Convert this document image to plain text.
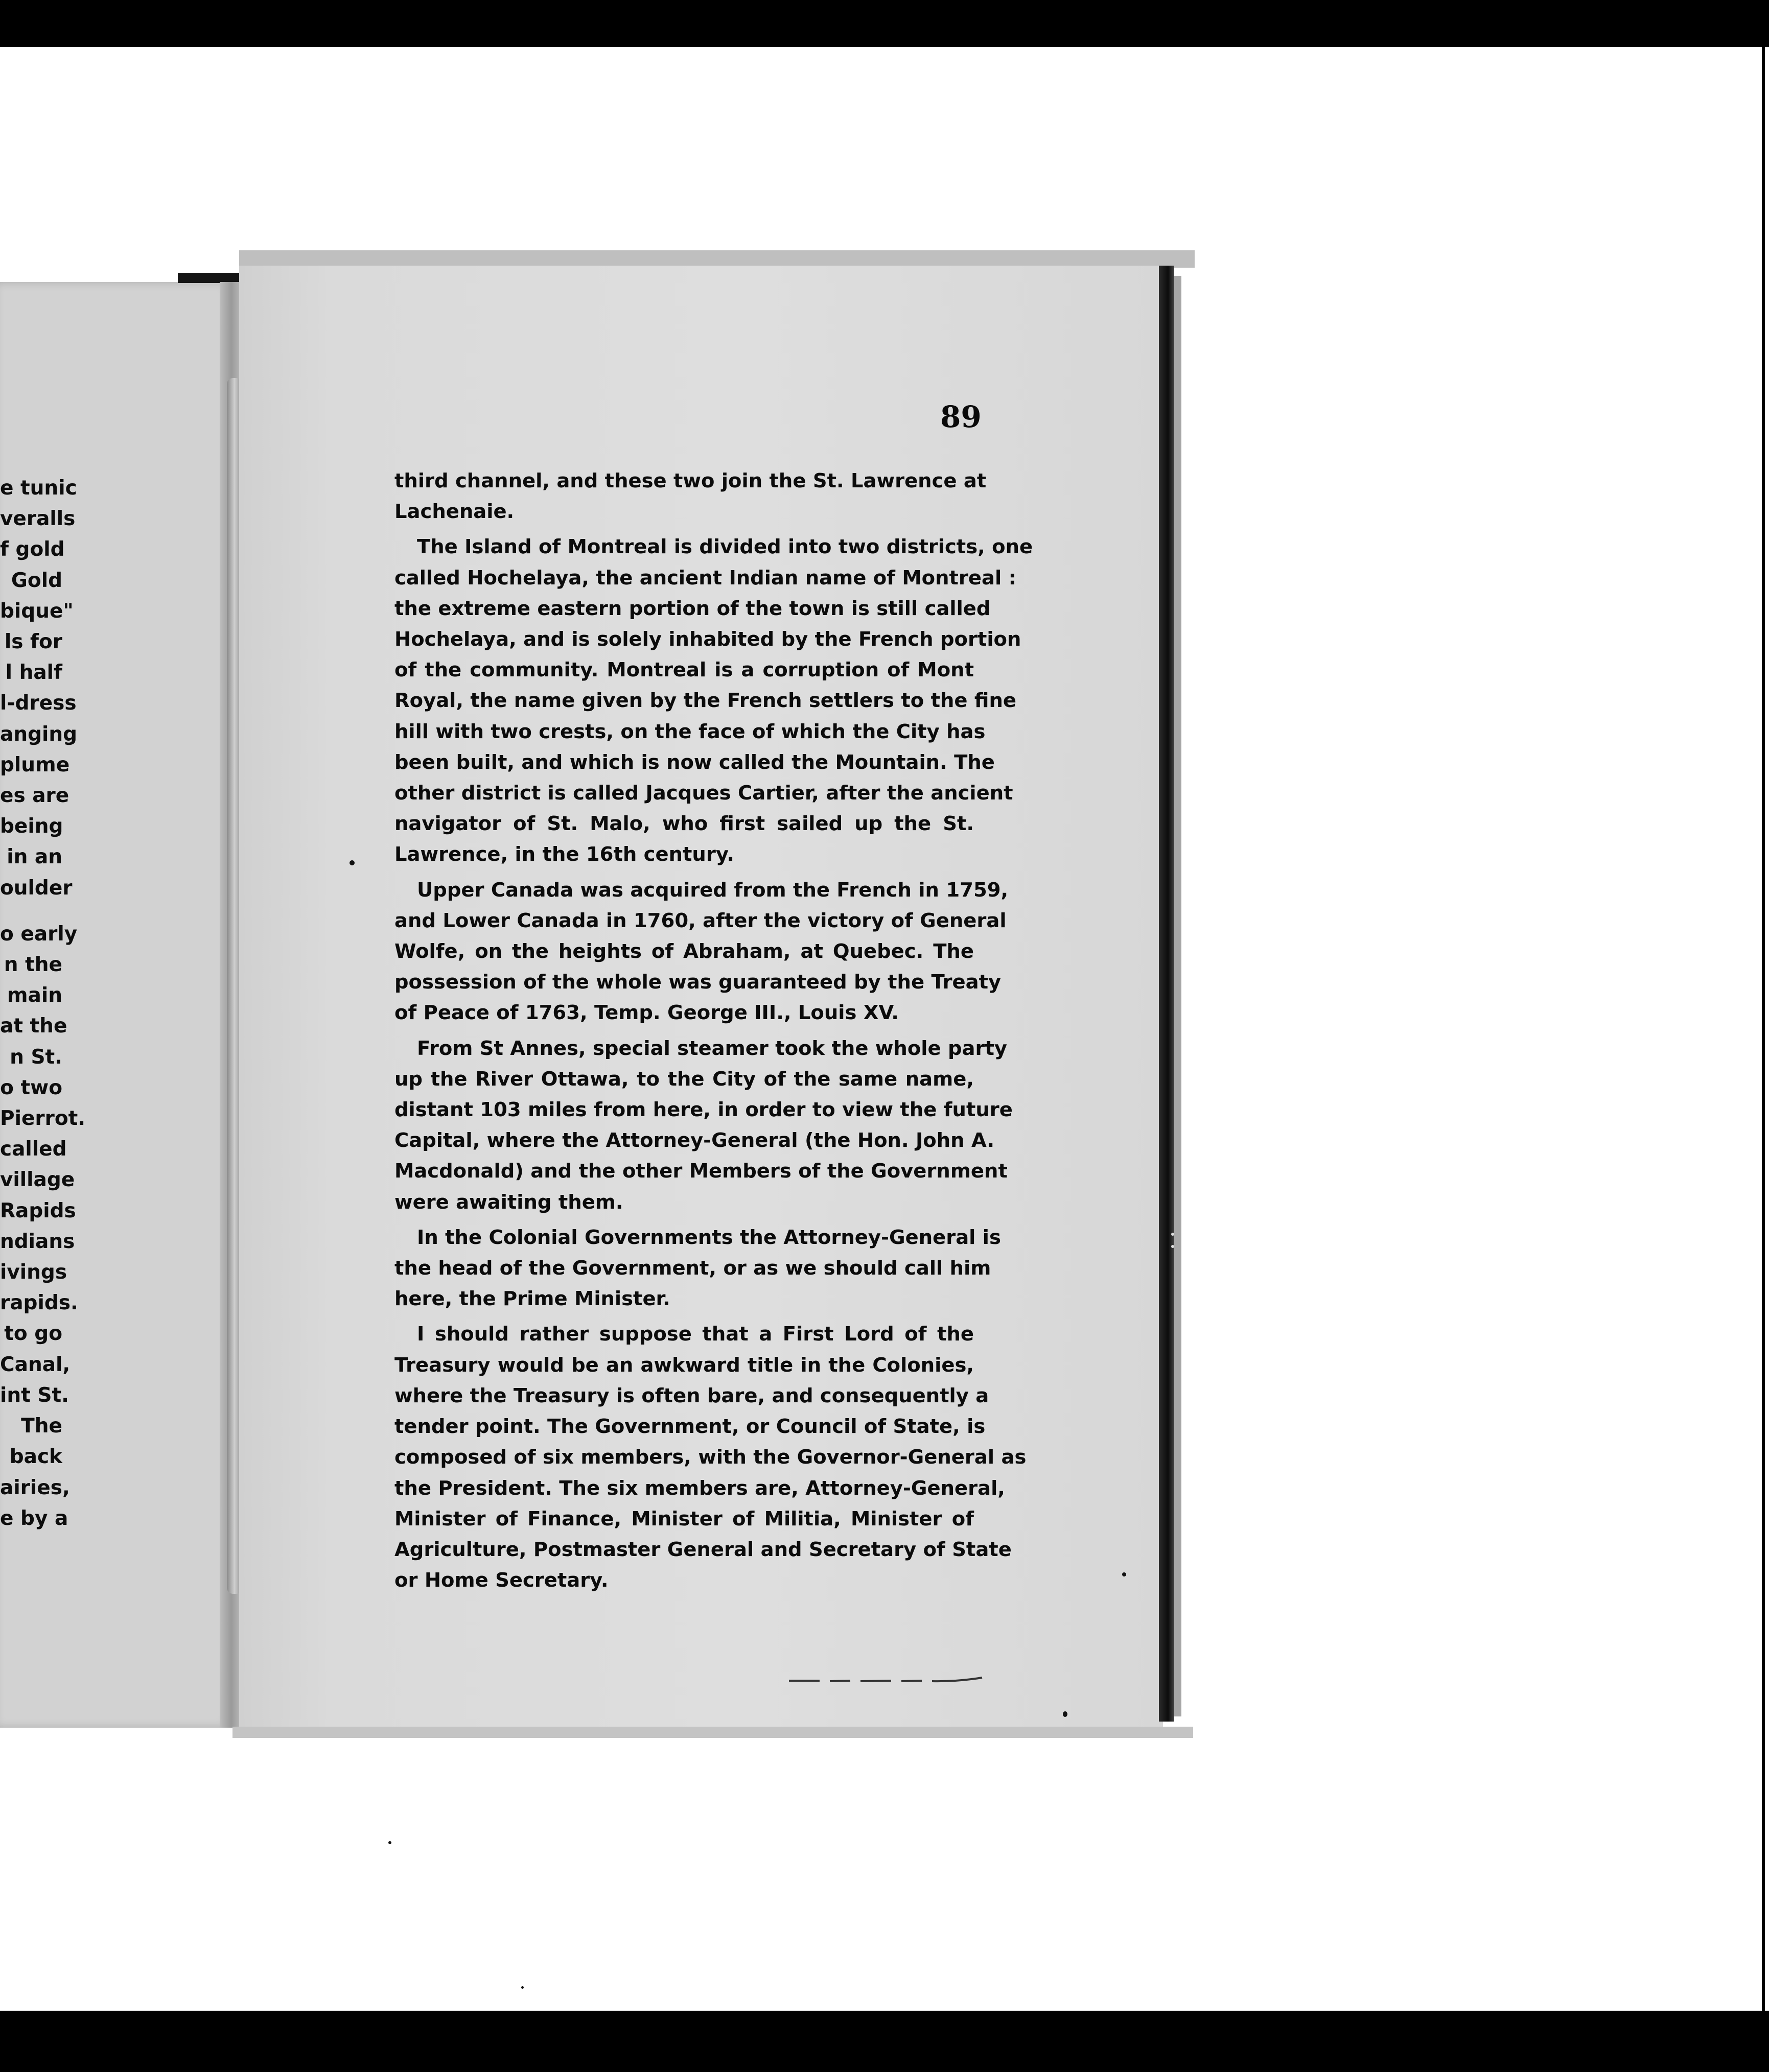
e tunic
veralls
f gold
Gold
bique"
ls for
l half
l-dress
anging
plume
es are
being
in an
oulder
o early
n the
main
at the
n St.
o two
Pierrot.
called
village
Rapids
ndians
ivings
rapids.
to go
Canal,
int St.
The
back
airies,
e by a
89
third channel, and these two join the St. Lawrence at
Lachenaie.
The Island of Montreal is divided into two districts, one
called Hochelaya, the ancient Indian name of Montreal :
the extreme eastern portion of the town is still called
Hochelaya, and is solely inhabited by the French portion
of the community. Montreal is a corruption of Mont
Royal, the name given by the French settlers to the fine
hill with two crests, on the face of which the City has
been built, and which is now called the Mountain. The
other district is called Jacques Cartier, after the ancient
navigator of St. Malo, who first sailed up the St.
Lawrence, in the 16th century.
Upper Canada was acquired from the French in 1759,
and Lower Canada in 1760, after the victory of General
Wolfe, on the heights of Abraham, at Quebec. The
possession of the whole was guaranteed by the Treaty
of Peace of 1763, Temp. George III., Louis XV.
From St Annes, special steamer took the whole party
up the River Ottawa, to the City of the same name,
distant 103 miles from here, in order to view the future
Capital, where the Attorney-General (the Hon. John A.
Macdonald) and the other Members of the Government
were awaiting them.
In the Colonial Governments the Attorney-General is
the head of the Government, or as we should call him
here, the Prime Minister.
I should rather suppose that a First Lord of the
Treasury would be an awkward title in the Colonies,
where the Treasury is often bare, and consequently a
tender point. The Government, or Council of State, is
composed of six members, with the Governor-General as
the President. The six members are, Attorney-General,
Minister of Finance, Minister of Militia, Minister of
Agriculture, Postmaster General and Secretary of State
or Home Secretary.
